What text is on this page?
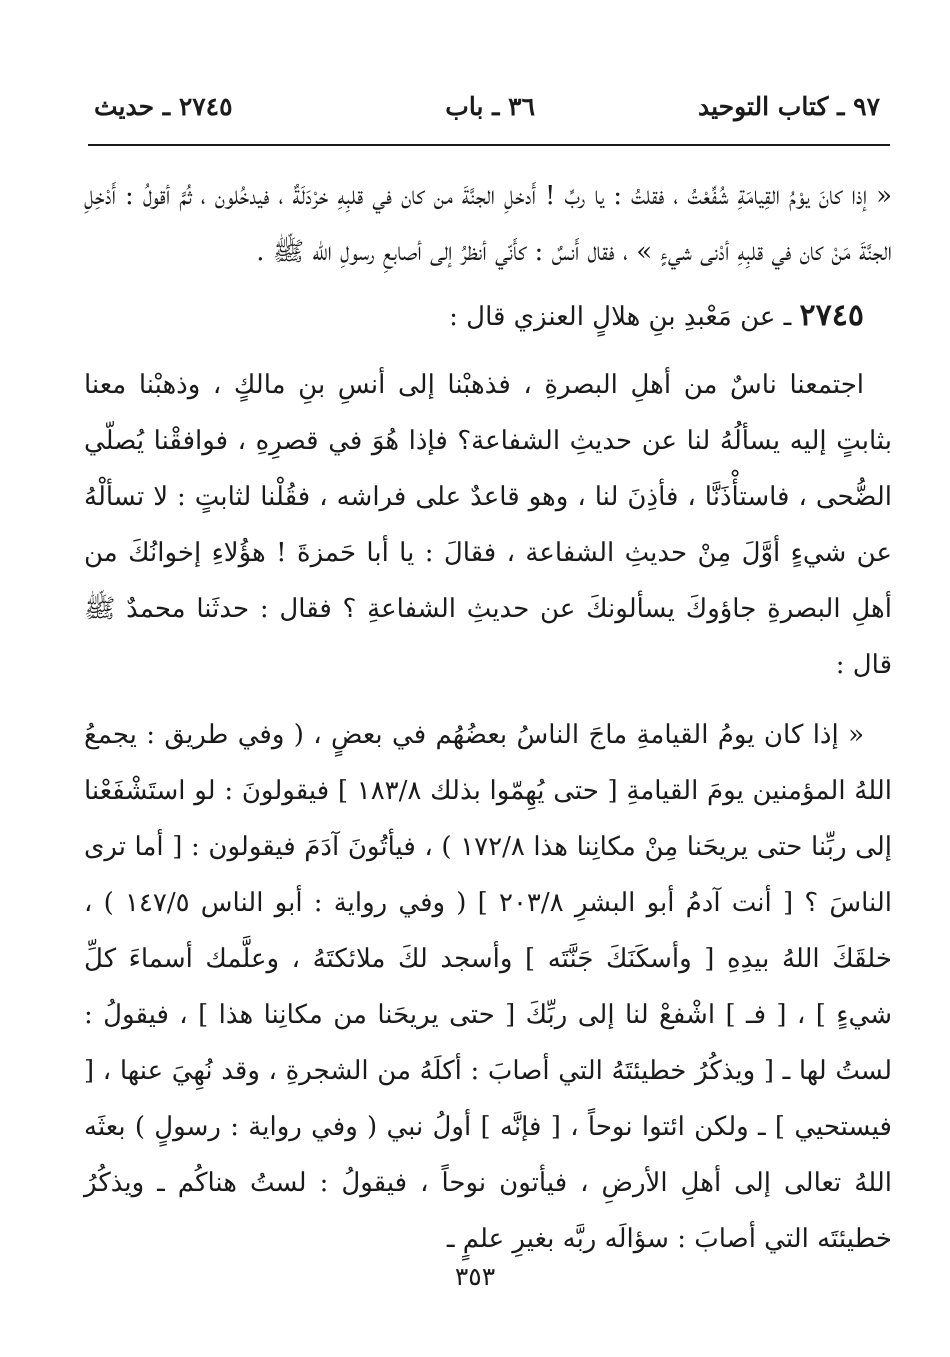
٩٧ ـ كتاب التوحيد
٣٦ ـ باب
٢٧٤٥ ـ حديث

« إذا كانَ يوْمُ القِيامَةِ شُفِّعْتُ ، فقلتُ : يا ربِّ ! أَدخلِ الجنَّةَ من كان في قلبِهِ خرْدَلَةٌ ، فيدخُلون ، ثُمَّ أقولُ : أَدْخِلِ الجنَّةَ مَنْ كان في قلبِهِ أدْنى شيءٍ » ، فقال أَنسٌ : كأَنّي أنظرُ إلى أصابعِ رسولِ الله ﷺ .

٢٧٤٥ ـ عن مَعْبدِ بنِ هلالٍ العنزي قال :

اجتمعنا ناسٌ من أهلِ البصرةِ ، فذهبْنا إلى أنسِ بنِ مالكٍ ، وذهبْنا معنا بثابتٍ إليه يسألُهُ لنا عن حديثِ الشفاعة؟ فإذا هُوَ في قصرِهِ ، فوافقْنا يُصلّي الضُّحى ، فاستأْذَنَّا ، فأذِنَ لنا ، وهو قاعدٌ على فراشه ، فقُلْنا لثابتٍ : لا تسألْهُ عن شيءٍ أوَّلَ مِنْ حديثِ الشفاعة ، فقالَ : يا أبا حَمزةَ ! هؤُلاءِ إخوانُكَ من أهلِ البصرةِ جاؤوكَ يسألونكَ عن حديثِ الشفاعةِ ؟ فقال : حدثَنا محمدٌ ﷺ قال :

« إذا كان يومُ القيامةِ ماجَ الناسُ بعضُهُم في بعضٍ ، ( وفي طريق : يجمعُ اللهُ المؤمنين يومَ القيامةِ [ حتى يُهِمّوا بذلك ١٨٣/٨ ] فيقولونَ : لو استَشْفَعْنا إلى ربِّنا حتى يريحَنا مِنْ مكانِنا هذا ١٧٢/٨ ) ، فيأتُونَ آدَمَ فيقولون : [ أما ترى الناسَ ؟ [ أنت آدمُ أبو البشرِ ٢٠٣/٨ ] ( وفي رواية : أبو الناس ١٤٧/٥ ) ، خلقَكَ اللهُ بيدِهِ [ وأسكَنَكَ جَنَّتَه ] وأسجد لكَ ملائكتَهُ ، وعلَّمك أسماءَ كلِّ شيءٍ ] ، [ فـ ] اشْفعْ لنا إلى ربِّكَ [ حتى يريحَنا من مكانِنا هذا ] ، فيقولُ : لستُ لها ـ [ ويذكُرُ خطيئتَهُ التي أصابَ : أكلَهُ من الشجرةِ ، وقد نُهِيَ عنها ، [ فيستحيي ] ـ ولكن ائتوا نوحاً ، [ فإنَّه ] أولُ نبي ( وفي رواية : رسولٍ ) بعثَه اللهُ تعالى إلى أهلِ الأرضِ ، فيأتون نوحاً ، فيقولُ : لستُ هناكُم ـ ويذكُرُ خطيئتَه التي أصابَ : سؤالَه ربَّه بغيرِ علمٍ ـ

٣٥٣
